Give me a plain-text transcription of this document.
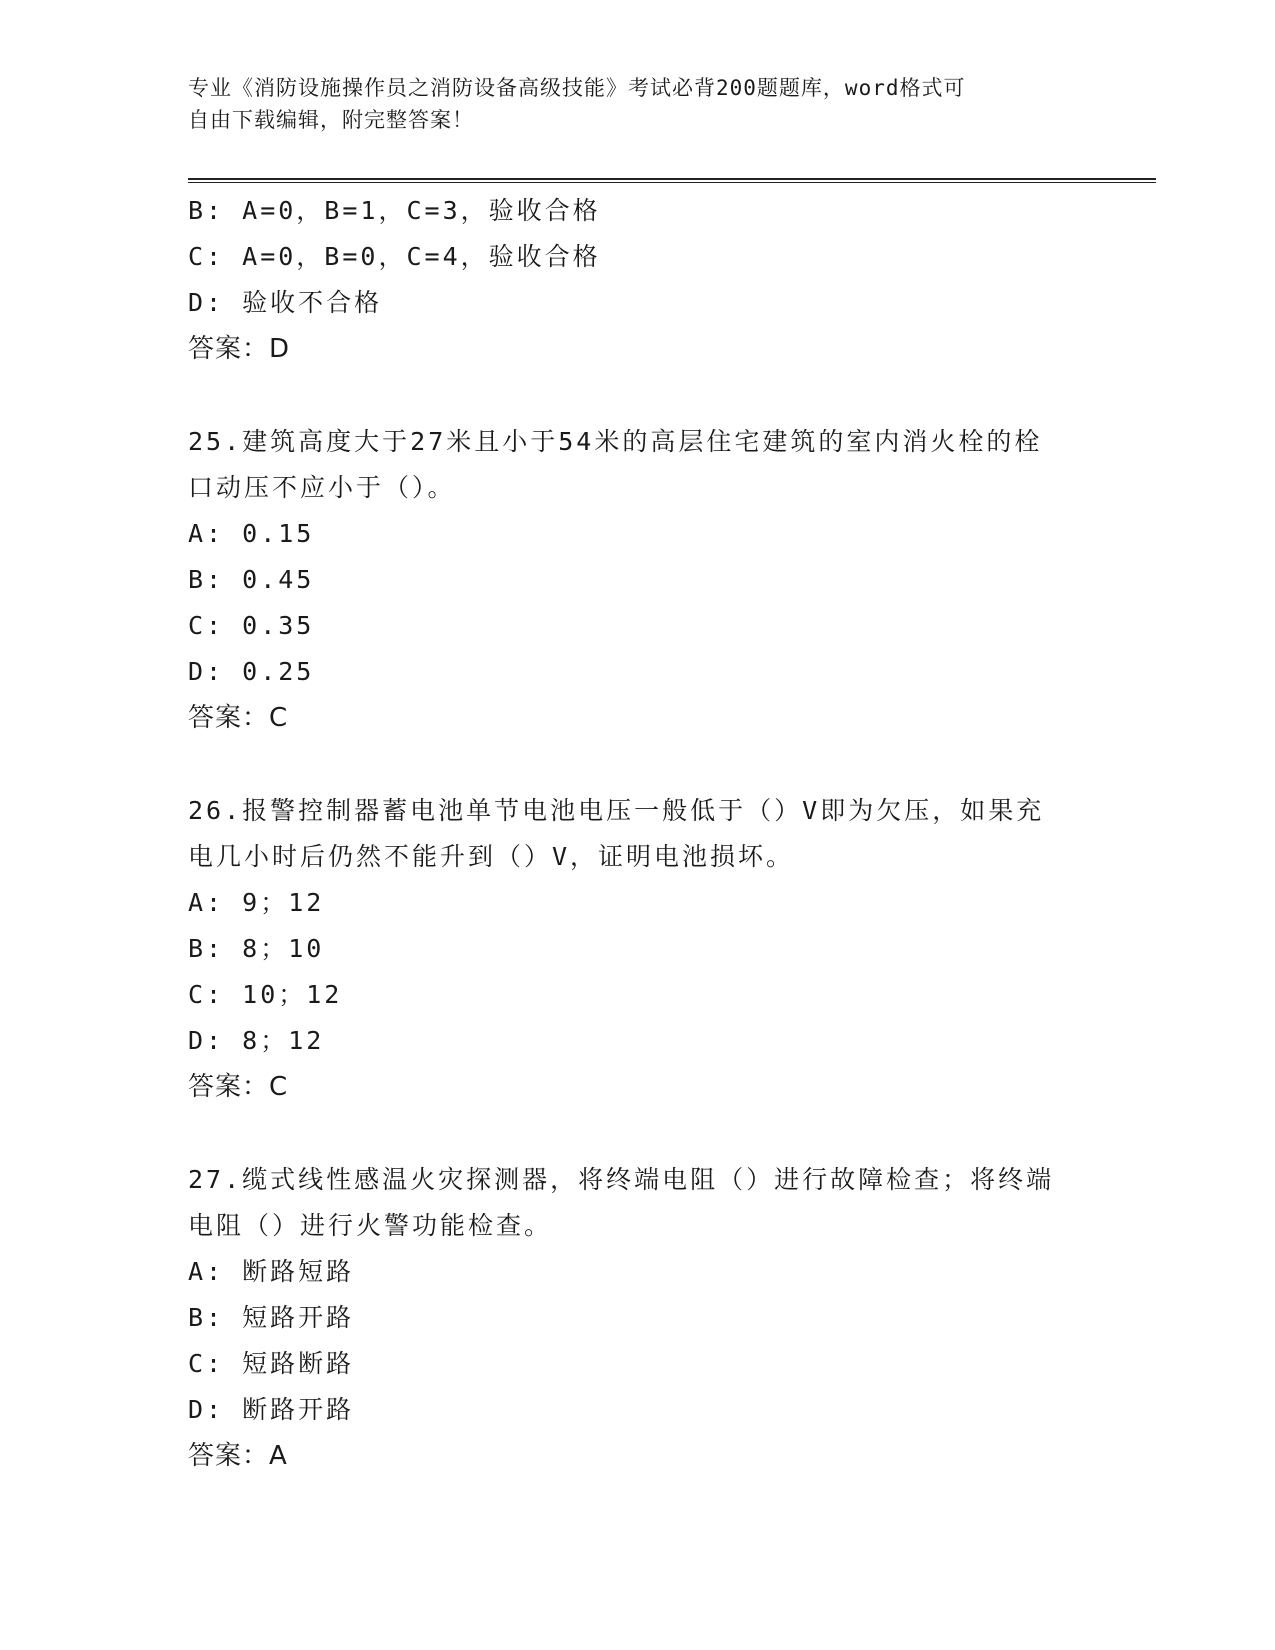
专业《消防设施操作员之消防设备高级技能》考试必背200题题库，word格式可
自由下载编辑，附完整答案！
B: A=0，B=1，C=3，验收合格
C: A=0，B=0，C=4，验收合格
D: 验收不合格
答案：D
25.建筑高度大于27米且小于54米的高层住宅建筑的室内消火栓的栓
口动压不应小于（）。
A: 0.15
B: 0.45
C: 0.35
D: 0.25
答案：C
26.报警控制器蓄电池单节电池电压一般低于（）V即为欠压，如果充
电几小时后仍然不能升到（）V，证明电池损坏。
A: 9；12
B: 8；10
C: 10；12
D: 8；12
答案：C
27.缆式线性感温火灾探测器，将终端电阻（）进行故障检查；将终端
电阻（）进行火警功能检查。
A: 断路短路
B: 短路开路
C: 短路断路
D: 断路开路
答案：A
